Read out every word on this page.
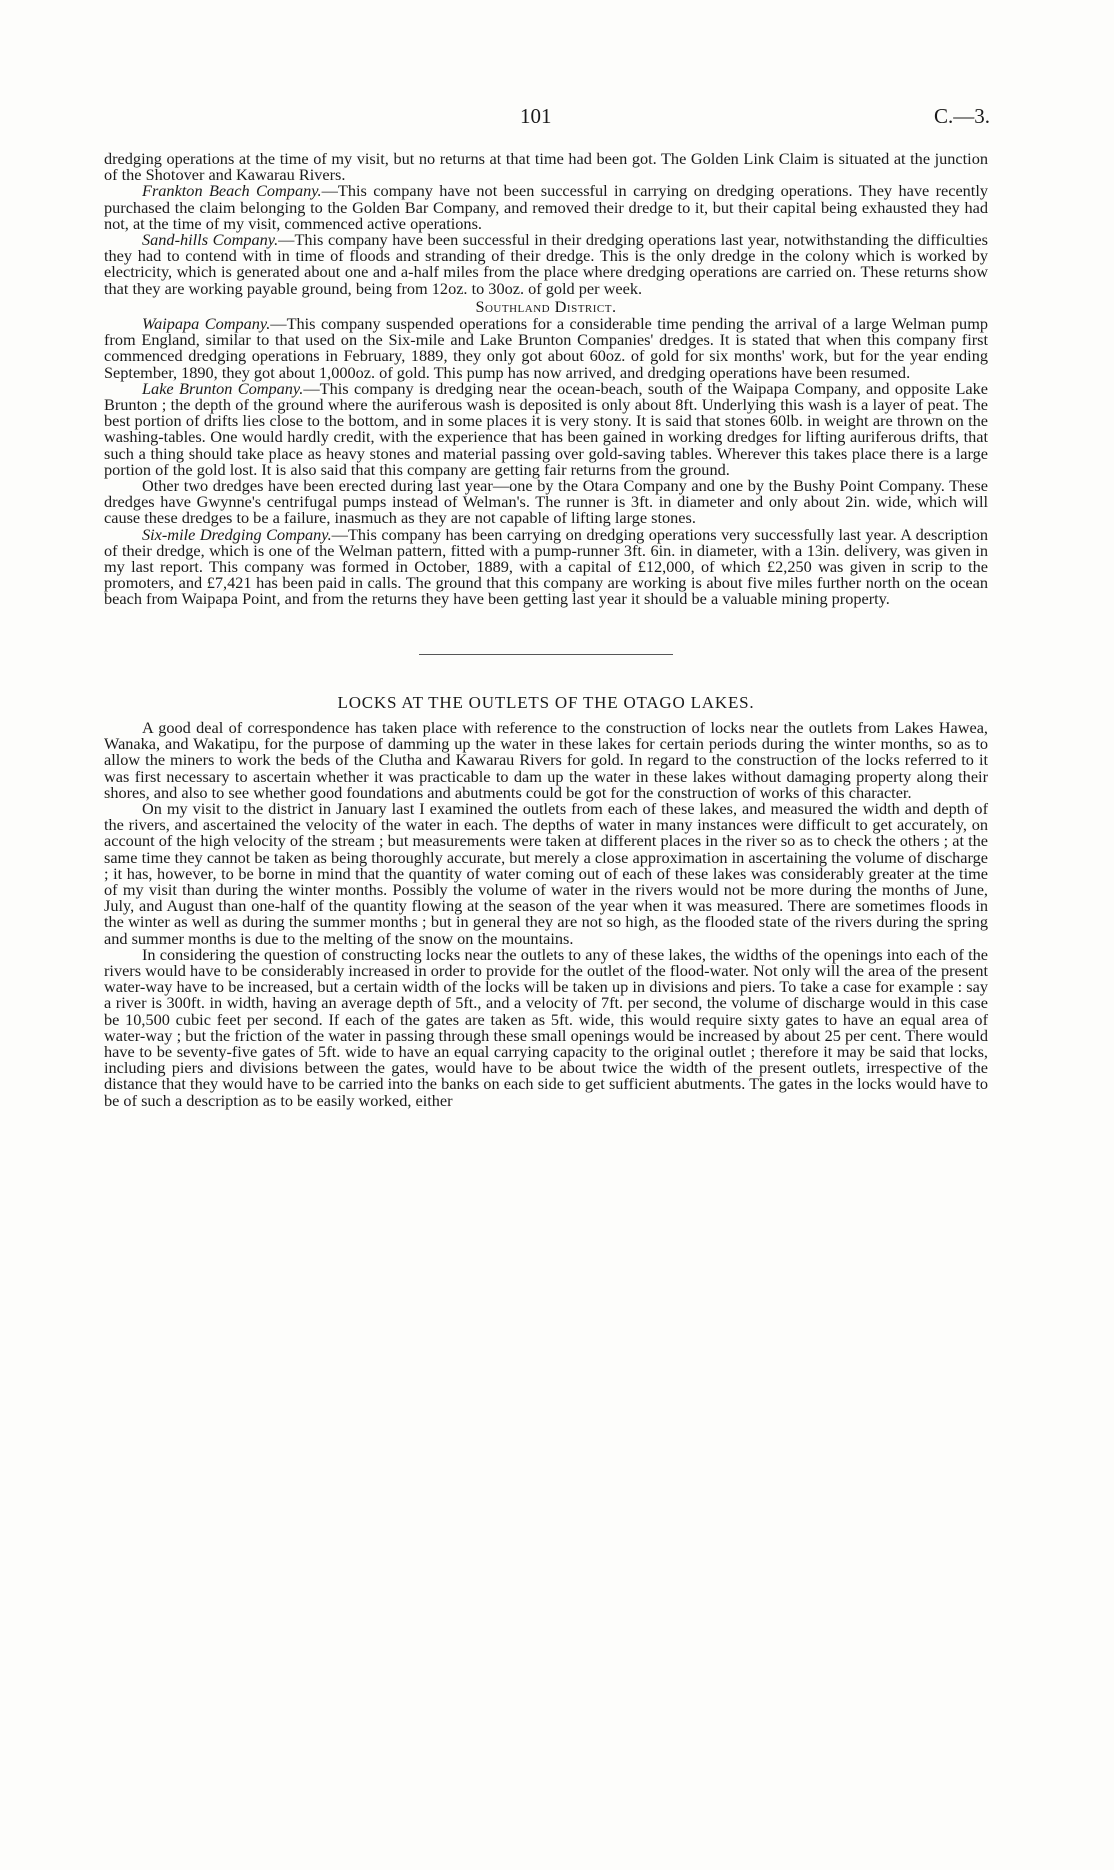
101	C.—3.

dredging operations at the time of my visit, but no returns at that time had been got. The Golden Link Claim is situated at the junction of the Shotover and Kawarau Rivers.

Frankton Beach Company.—This company have not been successful in carrying on dredging operations. They have recently purchased the claim belonging to the Golden Bar Company, and removed their dredge to it, but their capital being exhausted they had not, at the time of my visit, commenced active operations.

Sand-hills Company.—This company have been successful in their dredging operations last year, notwithstanding the difficulties they had to contend with in time of floods and stranding of their dredge. This is the only dredge in the colony which is worked by electricity, which is generated about one and a-half miles from the place where dredging operations are carried on. These returns show that they are working payable ground, being from 12oz. to 30oz. of gold per week.

Southland District.

Waipapa Company.—This company suspended operations for a considerable time pending the arrival of a large Welman pump from England, similar to that used on the Six-mile and Lake Brunton Companies' dredges. It is stated that when this company first commenced dredging operations in February, 1889, they only got about 60oz. of gold for six months' work, but for the year ending September, 1890, they got about 1,000oz. of gold. This pump has now arrived, and dredging operations have been resumed.

Lake Brunton Company.—This company is dredging near the ocean-beach, south of the Waipapa Company, and opposite Lake Brunton ; the depth of the ground where the auriferous wash is deposited is only about 8ft. Underlying this wash is a layer of peat. The best portion of drifts lies close to the bottom, and in some places it is very stony. It is said that stones 60lb. in weight are thrown on the washing-tables. One would hardly credit, with the experience that has been gained in working dredges for lifting auriferous drifts, that such a thing should take place as heavy stones and material passing over gold-saving tables. Wherever this takes place there is a large portion of the gold lost. It is also said that this company are getting fair returns from the ground.

Other two dredges have been erected during last year—one by the Otara Company and one by the Bushy Point Company. These dredges have Gwynne's centrifugal pumps instead of Welman's. The runner is 3ft. in diameter and only about 2in. wide, which will cause these dredges to be a failure, inasmuch as they are not capable of lifting large stones.

Six-mile Dredging Company.—This company has been carrying on dredging operations very successfully last year. A description of their dredge, which is one of the Welman pattern, fitted with a pump-runner 3ft. 6in. in diameter, with a 13in. delivery, was given in my last report. This company was formed in October, 1889, with a capital of £12,000, of which £2,250 was given in scrip to the promoters, and £7,421 has been paid in calls. The ground that this company are working is about five miles further north on the ocean beach from Waipapa Point, and from the returns they have been getting last year it should be a valuable mining property.

LOCKS AT THE OUTLETS OF THE OTAGO LAKES.

A good deal of correspondence has taken place with reference to the construction of locks near the outlets from Lakes Hawea, Wanaka, and Wakatipu, for the purpose of damming up the water in these lakes for certain periods during the winter months, so as to allow the miners to work the beds of the Clutha and Kawarau Rivers for gold. In regard to the construction of the locks referred to it was first necessary to ascertain whether it was practicable to dam up the water in these lakes without damaging property along their shores, and also to see whether good foundations and abutments could be got for the construction of works of this character.

On my visit to the district in January last I examined the outlets from each of these lakes, and measured the width and depth of the rivers, and ascertained the velocity of the water in each. The depths of water in many instances were difficult to get accurately, on account of the high velocity of the stream ; but measurements were taken at different places in the river so as to check the others ; at the same time they cannot be taken as being thoroughly accurate, but merely a close approximation in ascertaining the volume of discharge ; it has, however, to be borne in mind that the quantity of water coming out of each of these lakes was considerably greater at the time of my visit than during the winter months. Possibly the volume of water in the rivers would not be more during the months of June, July, and August than one-half of the quantity flowing at the season of the year when it was measured. There are sometimes floods in the winter as well as during the summer months ; but in general they are not so high, as the flooded state of the rivers during the spring and summer months is due to the melting of the snow on the mountains.

In considering the question of constructing locks near the outlets to any of these lakes, the widths of the openings into each of the rivers would have to be considerably increased in order to provide for the outlet of the flood-water. Not only will the area of the present water-way have to be increased, but a certain width of the locks will be taken up in divisions and piers. To take a case for example : say a river is 300ft. in width, having an average depth of 5ft., and a velocity of 7ft. per second, the volume of discharge would in this case be 10,500 cubic feet per second. If each of the gates are taken as 5ft. wide, this would require sixty gates to have an equal area of water-way ; but the friction of the water in passing through these small openings would be increased by about 25 per cent. There would have to be seventy-five gates of 5ft. wide to have an equal carrying capacity to the original outlet ; therefore it may be said that locks, including piers and divisions between the gates, would have to be about twice the width of the present outlets, irrespective of the distance that they would have to be carried into the banks on each side to get sufficient abutments. The gates in the locks would have to be of such a description as to be easily worked, either
